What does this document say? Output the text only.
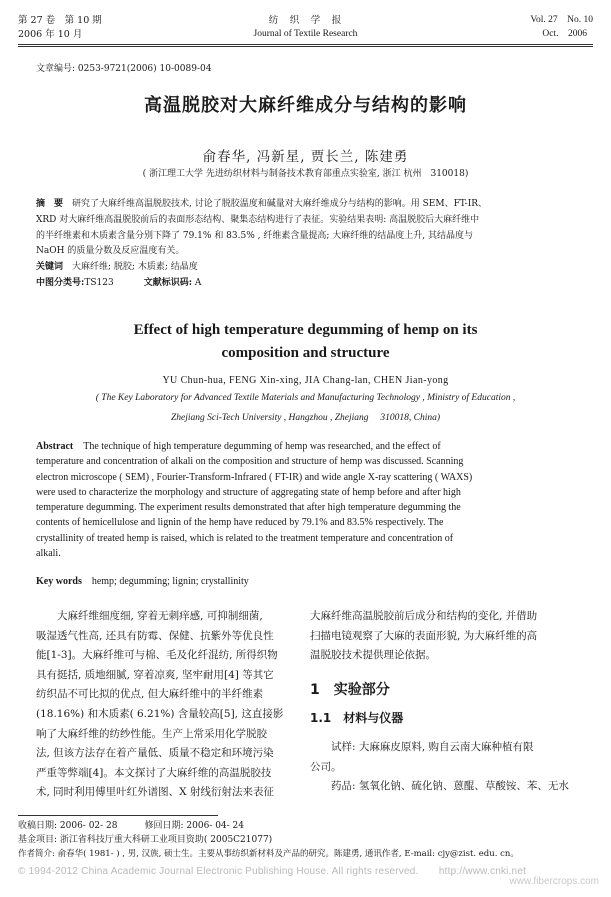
第 27 卷　第 10 期
2006 年 10 月
纺　织　学　报
Journal of Textile Research
Vol. 27　No. 10
Oct.　2006
文章编号: 0253-9721(2006) 10-0089-04
高温脱胶对大麻纤维成分与结构的影响
俞春华, 冯新星, 贾长兰, 陈建勇
( 浙江理工大学 先进纺织材料与制备技术教育部重点实验室, 浙江 杭州　310018)
摘　要　 研究了大麻纤维高温脱胶技术, 讨论了脱胶温度和碱量对大麻纤维成分与结构的影响。用 SEM、FT-IR、
XRD 对大麻纤维高温脱胶前后的表面形态结构、聚集态结构进行了表征。实验结果表明: 高温脱胶后大麻纤维中
的半纤维素和木质素含量分别下降了 79.1% 和 83.5% , 纤维素含量提高; 大麻纤维的结晶度上升, 其结晶度与
NaOH 的质量分数及反应温度有关。
关键词　 大麻纤维; 脱胶; 木质素; 结晶度
中图分类号:TS123	文献标识码: A
Effect of high temperature degumming of hemp on its
composition and structure
YU Chun-hua, FENG Xin-xing, JIA Chang-lan, CHEN Jian-yong
( The Key Laboratory for Advanced Textile Materials and Manufacturing Technology , Ministry of Education ,
Zhejiang Sci-Tech University , Hangzhou , Zhejiang　 310018, China)
Abstract　 The technique of high temperature degumming of hemp was researched, and the effect of
temperature and concentration of alkali on the composition and structure of hemp was discussed. Scanning
electron microscope ( SEM) , Fourier-Transform-Infrared ( FT-IR) and wide angle X-ray scattering ( WAXS)
were used to characterize the morphology and structure of aggregating state of hemp before and after high
temperature degumming. The experiment results demonstrated that after high temperature degumming the
contents of hemicellulose and lignin of the hemp have reduced by 79.1% and 83.5% respectively. The
crystallinity of treated hemp is raised, which is related to the treatment temperature and concentration of
alkali.
Key words　 hemp; degumming; lignin; crystallinity
　　大麻纤维细度细, 穿着无刺痒感, 可抑制细菌,
吸湿透气性高, 还具有防霉、保健、抗紫外等优良性
能[1-3]。大麻纤维可与棉、毛及化纤混纺, 所得织物
具有挺括, 质地细腻, 穿着凉爽, 坚牢耐用[4] 等其它
纺织品不可比拟的优点, 但大麻纤维中的半纤维素
(18.16%) 和木质素( 6.21%) 含量较高[5], 这直接影
响了大麻纤维的纺纱性能。生产上常采用化学脱胶
法, 但该方法存在着产量低、质量不稳定和环境污染
严重等弊端[4]。本文探讨了大麻纤维的高温脱胶技
术, 同时利用傅里叶红外谱图、X 射线衍射法来表征
大麻纤维高温脱胶前后成分和结构的变化, 并借助
扫描电镜观察了大麻的表面形貌, 为大麻纤维的高
温脱胶技术提供理论依据。
1　实验部分
1.1　材料与仪器
　　试样: 大麻麻皮原料, 购自云南大麻种植有限
公司。
　　药品: 氢氧化钠、硫化钠、蒽醌、草酸铵、苯、无水
收稿日期: 2006- 02- 28　　　修回日期: 2006- 04- 24
基金项目: 浙江省科技厅重大科研工业项目资助( 2005C21077)
作者简介: 俞春华( 1981- ) , 男, 汉族, 硕士生。主要从事纺织新材料及产品的研究。陈建勇, 通讯作者, E-mail: cjy@zist. edu. cn。
© 1994-2012 China Academic Journal Electronic Publishing House. All rights reserved.　　http://www.cnki.net
www.fibercrops.com
